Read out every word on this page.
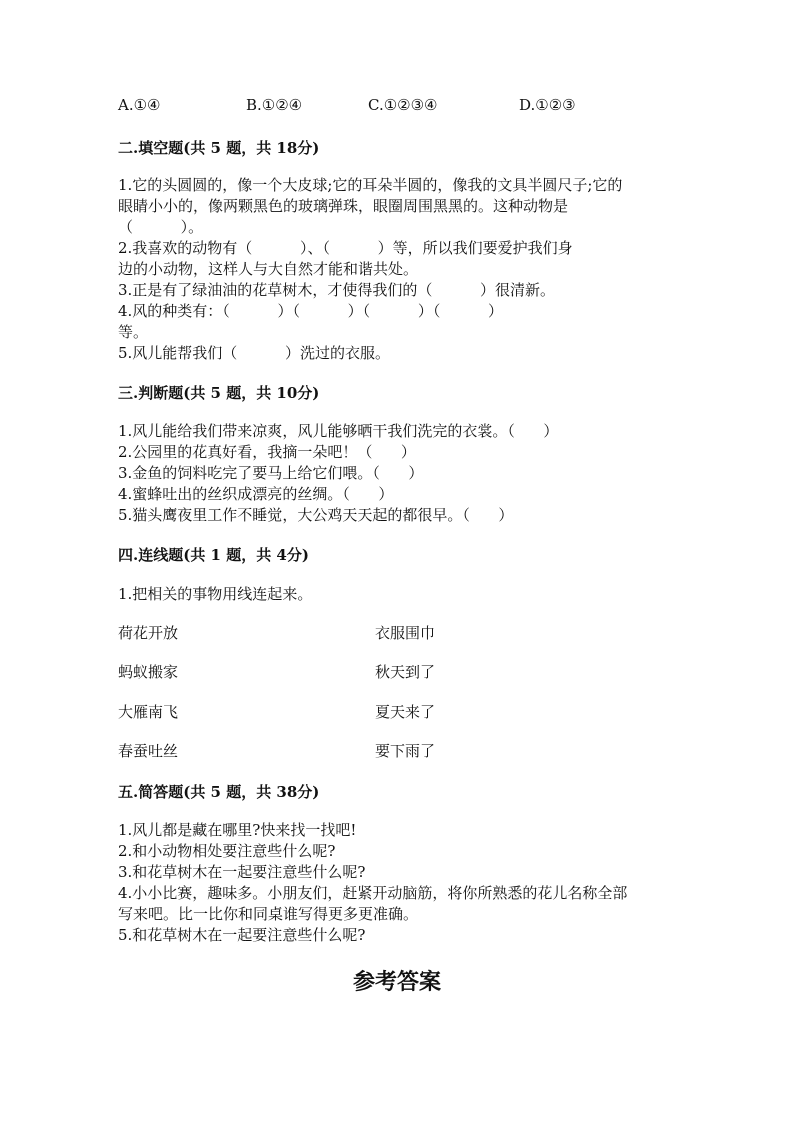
A.①④	B.①②④	C.①②③④	D.①②③
二.填空题(共 5 题，共 18分)
1.它的头圆圆的，像一个大皮球;它的耳朵半圆的，像我的文具半圆尺子;它的
眼睛小小的，像两颗黑色的玻璃弹珠，眼圈周围黑黑的。这种动物是
（          ）。
2.我喜欢的动物有（          ）、（          ）等，所以我们要爱护我们身
边的小动物，这样人与大自然才能和谐共处。
3.正是有了绿油油的花草树木，才使得我们的（          ）很清新。
4.风的种类有：（          ）（          ）（          ）（          ）
等。
5.风儿能帮我们（          ）洗过的衣服。
三.判断题(共 5 题，共 10分)
1.风儿能给我们带来凉爽，风儿能够晒干我们洗完的衣裳。（      ）
2.公园里的花真好看，我摘一朵吧！（      ）
3.金鱼的饲料吃完了要马上给它们喂。（      ）
4.蜜蜂吐出的丝织成漂亮的丝绸。（      ）
5.猫头鹰夜里工作不睡觉，大公鸡天天起的都很早。（      ）
四.连线题(共 1 题，共 4分)
1.把相关的事物用线连起来。
荷花开放
蚂蚁搬家
大雁南飞
春蚕吐丝
衣服围巾
秋天到了
夏天来了
要下雨了
五.简答题(共 5 题，共 38分)
1.风儿都是藏在哪里?快来找一找吧!
2.和小动物相处要注意些什么呢?
3.和花草树木在一起要注意些什么呢?
4.小小比赛，趣味多。小朋友们，赶紧开动脑筋，将你所熟悉的花儿名称全部
写来吧。比一比你和同桌谁写得更多更准确。
5.和花草树木在一起要注意些什么呢?
参考答案
